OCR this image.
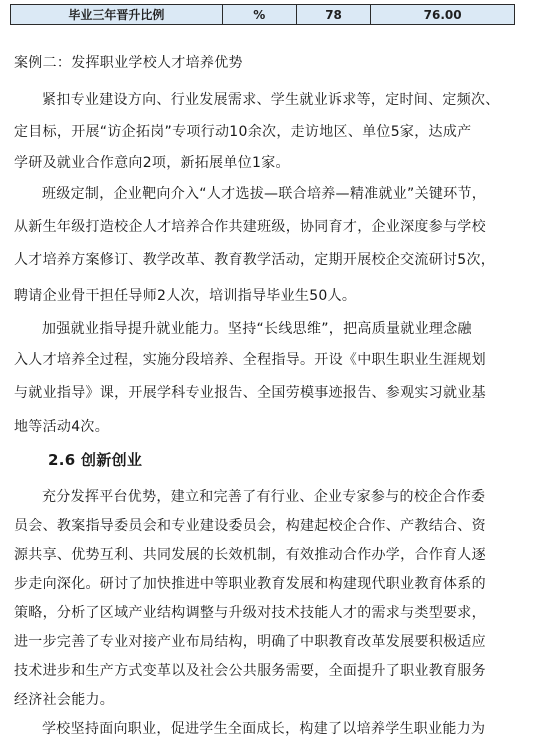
毕业三年晋升比例	%	78	76.00
案例二：发挥职业学校人才培养优势
紧扣专业建设方向、行业发展需求、学生就业诉求等，定时间、定频次、
定目标，开展“访企拓岗”专项行动10余次，走访地区、单位5家，达成产
学研及就业合作意向2项，新拓展单位1家。
班级定制，企业靶向介入“人才选拔—联合培养—精准就业”关键环节，
从新生年级打造校企人才培养合作共建班级，协同育才，企业深度参与学校
人才培养方案修订、教学改革、教育教学活动，定期开展校企交流研讨5次，
聘请企业骨干担任导师2人次，培训指导毕业生50人。
加强就业指导提升就业能力。坚持“长线思维”，把高质量就业理念融
入人才培养全过程，实施分段培养、全程指导。开设《中职生职业生涯规划
与就业指导》课，开展学科专业报告、全国劳模事迹报告、参观实习就业基
地等活动4次。
2.6 创新创业
充分发挥平台优势，建立和完善了有行业、企业专家参与的校企合作委
员会、教案指导委员会和专业建设委员会，构建起校企合作、产教结合、资
源共享、优势互利、共同发展的长效机制，有效推动合作办学，合作育人逐
步走向深化。研讨了加快推进中等职业教育发展和构建现代职业教育体系的
策略，分析了区域产业结构调整与升级对技术技能人才的需求与类型要求，
进一步完善了专业对接产业布局结构，明确了中职教育改革发展要积极适应
技术进步和生产方式变革以及社会公共服务需要，全面提升了职业教育服务
经济社会能力。
学校坚持面向职业，促进学生全面成长，构建了以培养学生职业能力为
